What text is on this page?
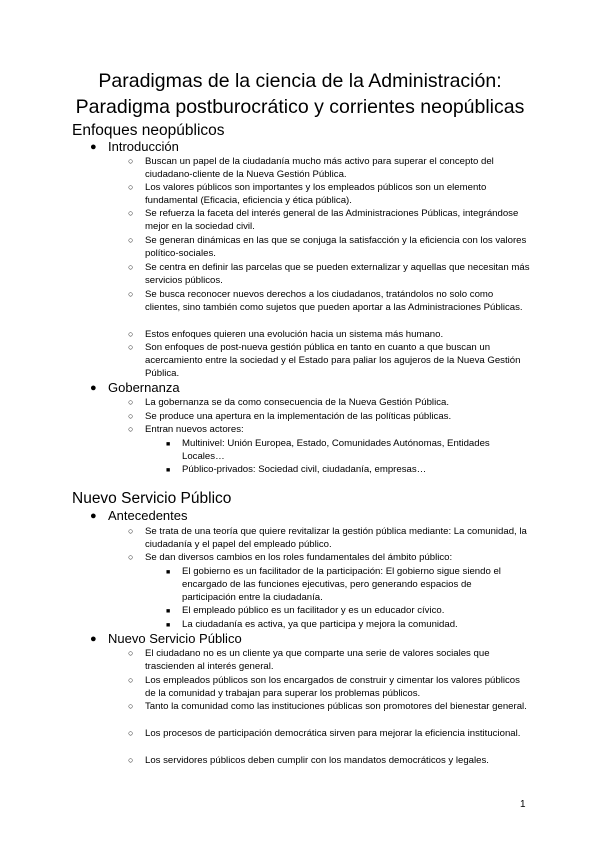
Paradigmas de la ciencia de la Administración:
Paradigma postburocrático y corrientes neopúblicas
Enfoques neopúblicos
● Introducción
○ Buscan un papel de la ciudadanía mucho más activo para superar el concepto del ciudadano-cliente de la Nueva Gestión Pública.
○ Los valores públicos son importantes y los empleados públicos son un elemento fundamental (Eficacia, eficiencia y ética pública).
○ Se refuerza la faceta del interés general de las Administraciones Públicas, integrándose mejor en la sociedad civil.
○ Se generan dinámicas en las que se conjuga la satisfacción y la eficiencia con los valores político-sociales.
○ Se centra en definir las parcelas que se pueden externalizar y aquellas que necesitan más servicios públicos.
○ Se busca reconocer nuevos derechos a los ciudadanos, tratándolos no solo como clientes, sino también como sujetos que pueden aportar a las Administraciones Públicas.
○ Estos enfoques quieren una evolución hacia un sistema más humano.
○ Son enfoques de post-nueva gestión pública en tanto en cuanto a que buscan un acercamiento entre la sociedad y el Estado para paliar los agujeros de la Nueva Gestión Pública.
● Gobernanza
○ La gobernanza se da como consecuencia de la Nueva Gestión Pública.
○ Se produce una apertura en la implementación de las políticas públicas.
○ Entran nuevos actores:
■ Multinivel: Unión Europea, Estado, Comunidades Autónomas, Entidades Locales…
■ Público-privados: Sociedad civil, ciudadanía, empresas…
Nuevo Servicio Público
● Antecedentes
○ Se trata de una teoría que quiere revitalizar la gestión pública mediante: La comunidad, la ciudadanía y el papel del empleado público.
○ Se dan diversos cambios en los roles fundamentales del ámbito público:
■ El gobierno es un facilitador de la participación: El gobierno sigue siendo el encargado de las funciones ejecutivas, pero generando espacios de participación entre la ciudadanía.
■ El empleado público es un facilitador y es un educador cívico.
■ La ciudadanía es activa, ya que participa y mejora la comunidad.
● Nuevo Servicio Público
○ El ciudadano no es un cliente ya que comparte una serie de valores sociales que trascienden al interés general.
○ Los empleados públicos son los encargados de construir y cimentar los valores públicos de la comunidad y trabajan para superar los problemas públicos.
○ Tanto la comunidad como las instituciones públicas son promotores del bienestar general.
○ Los procesos de participación democrática sirven para mejorar la eficiencia institucional.
○ Los servidores públicos deben cumplir con los mandatos democráticos y legales.
1
